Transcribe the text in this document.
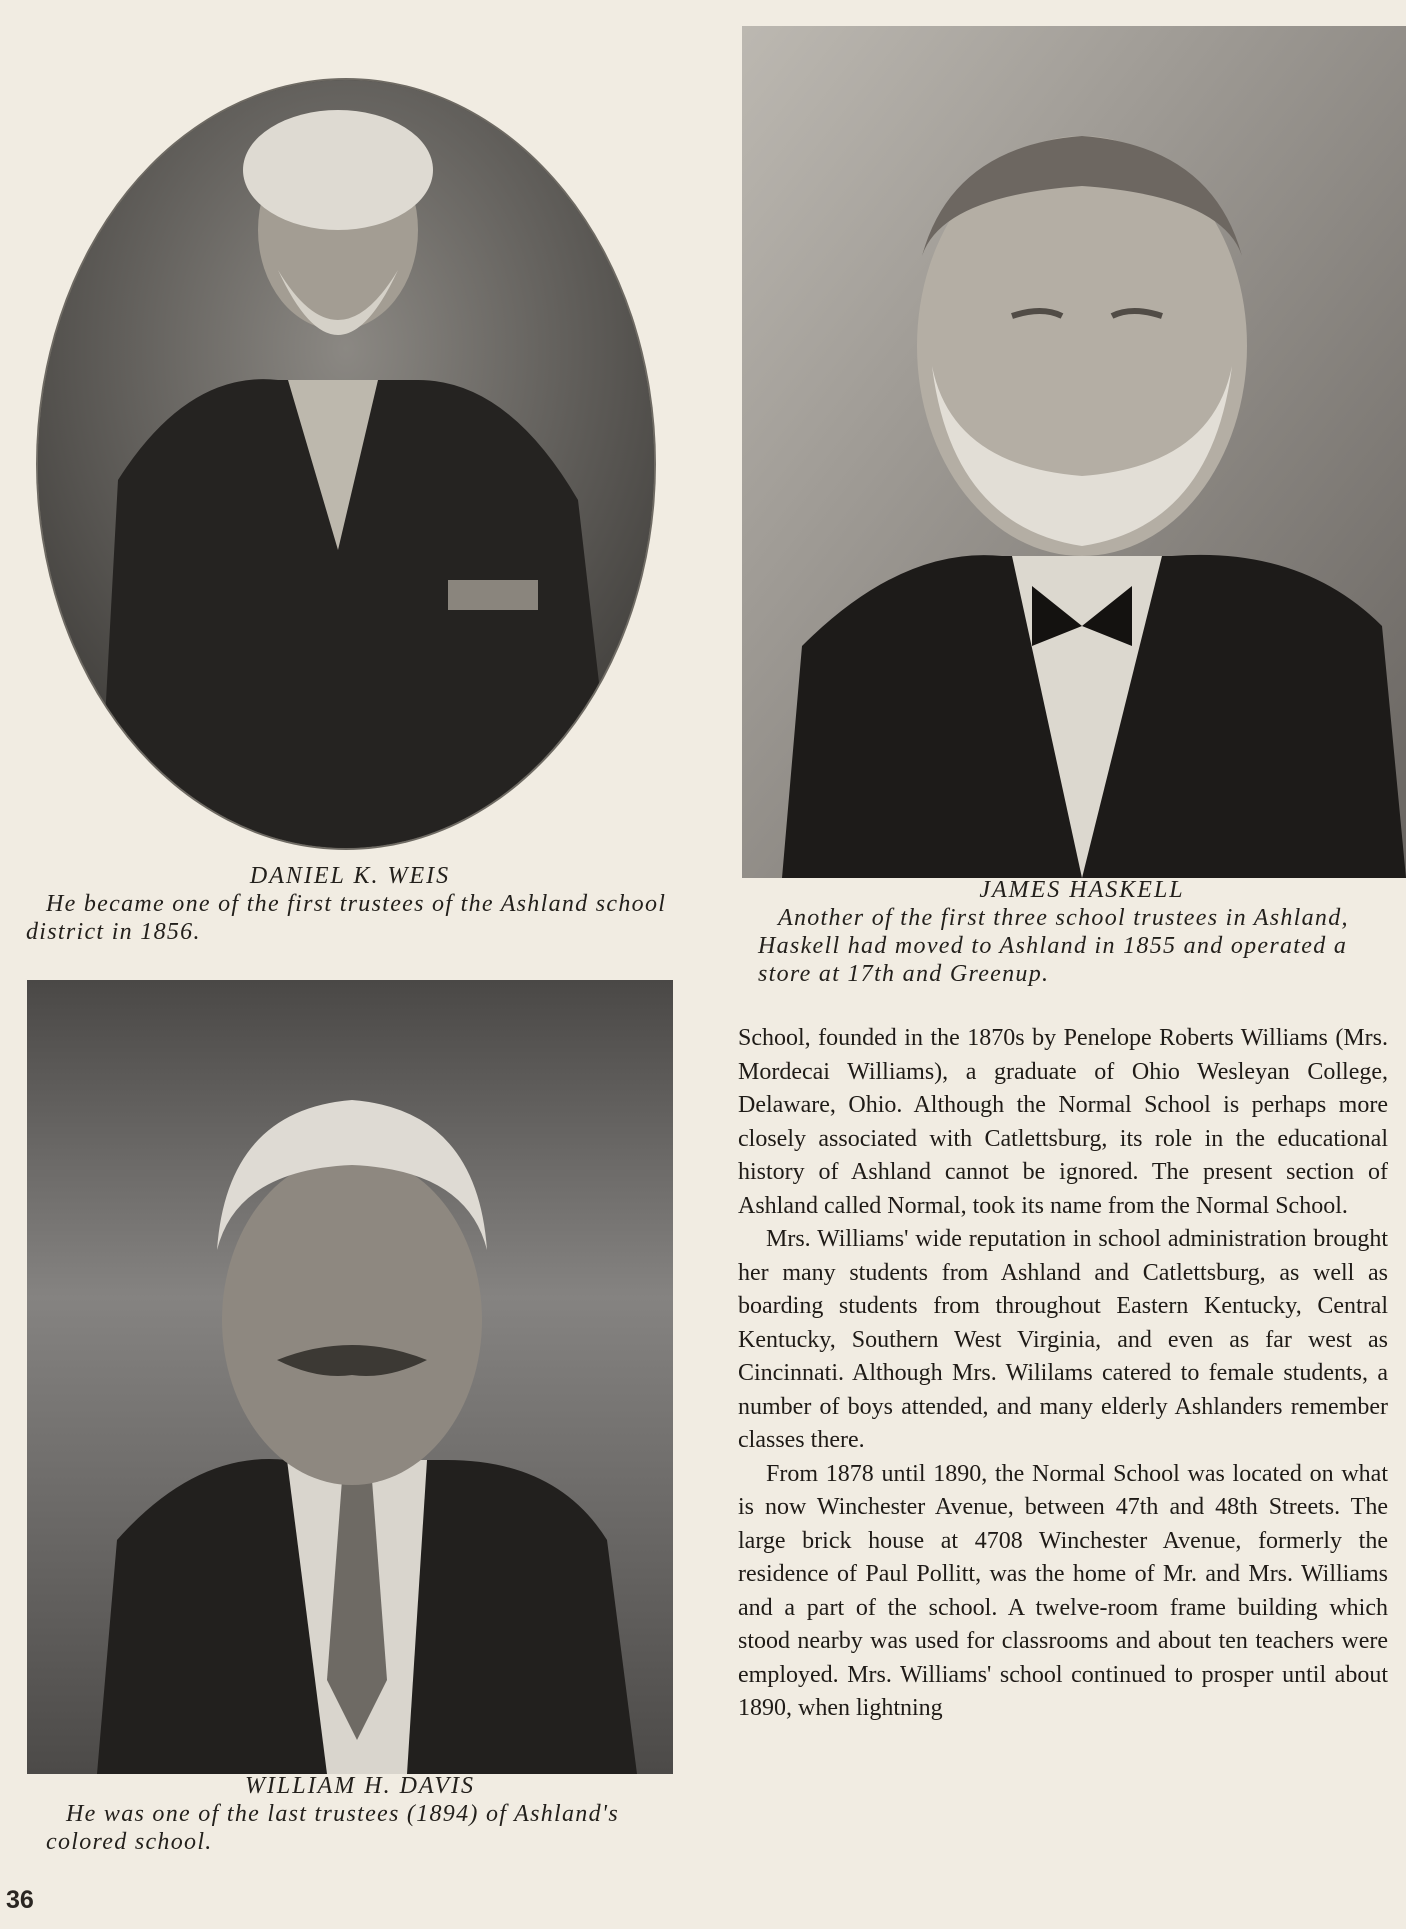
DANIEL K. WEIS
He became one of the first trustees of the Ashland school district in 1856.
JAMES HASKELL
Another of the first three school trustees in Ashland, Haskell had moved to Ashland in 1855 and operated a store at 17th and Greenup.
WILLIAM H. DAVIS
He was one of the last trustees (1894) of Ashland's colored school.

School, founded in the 1870s by Penelope Roberts Williams (Mrs. Mordecai Williams), a graduate of Ohio Wesleyan College, Delaware, Ohio. Although the Normal School is perhaps more closely associated with Catlettsburg, its role in the educational history of Ashland cannot be ignored. The present section of Ashland called Normal, took its name from the Normal School.

Mrs. Williams' wide reputation in school administration brought her many students from Ashland and Catlettsburg, as well as boarding students from throughout Eastern Kentucky, Central Kentucky, Southern West Virginia, and even as far west as Cincinnati. Although Mrs. Wililams catered to female students, a number of boys attended, and many elderly Ashlanders remember classes there.

From 1878 until 1890, the Normal School was located on what is now Winchester Avenue, between 47th and 48th Streets. The large brick house at 4708 Winchester Avenue, formerly the residence of Paul Pollitt, was the home of Mr. and Mrs. Williams and a part of the school. A twelve-room frame building which stood nearby was used for classrooms and about ten teachers were employed. Mrs. Williams' school continued to prosper until about 1890, when lightning

36
